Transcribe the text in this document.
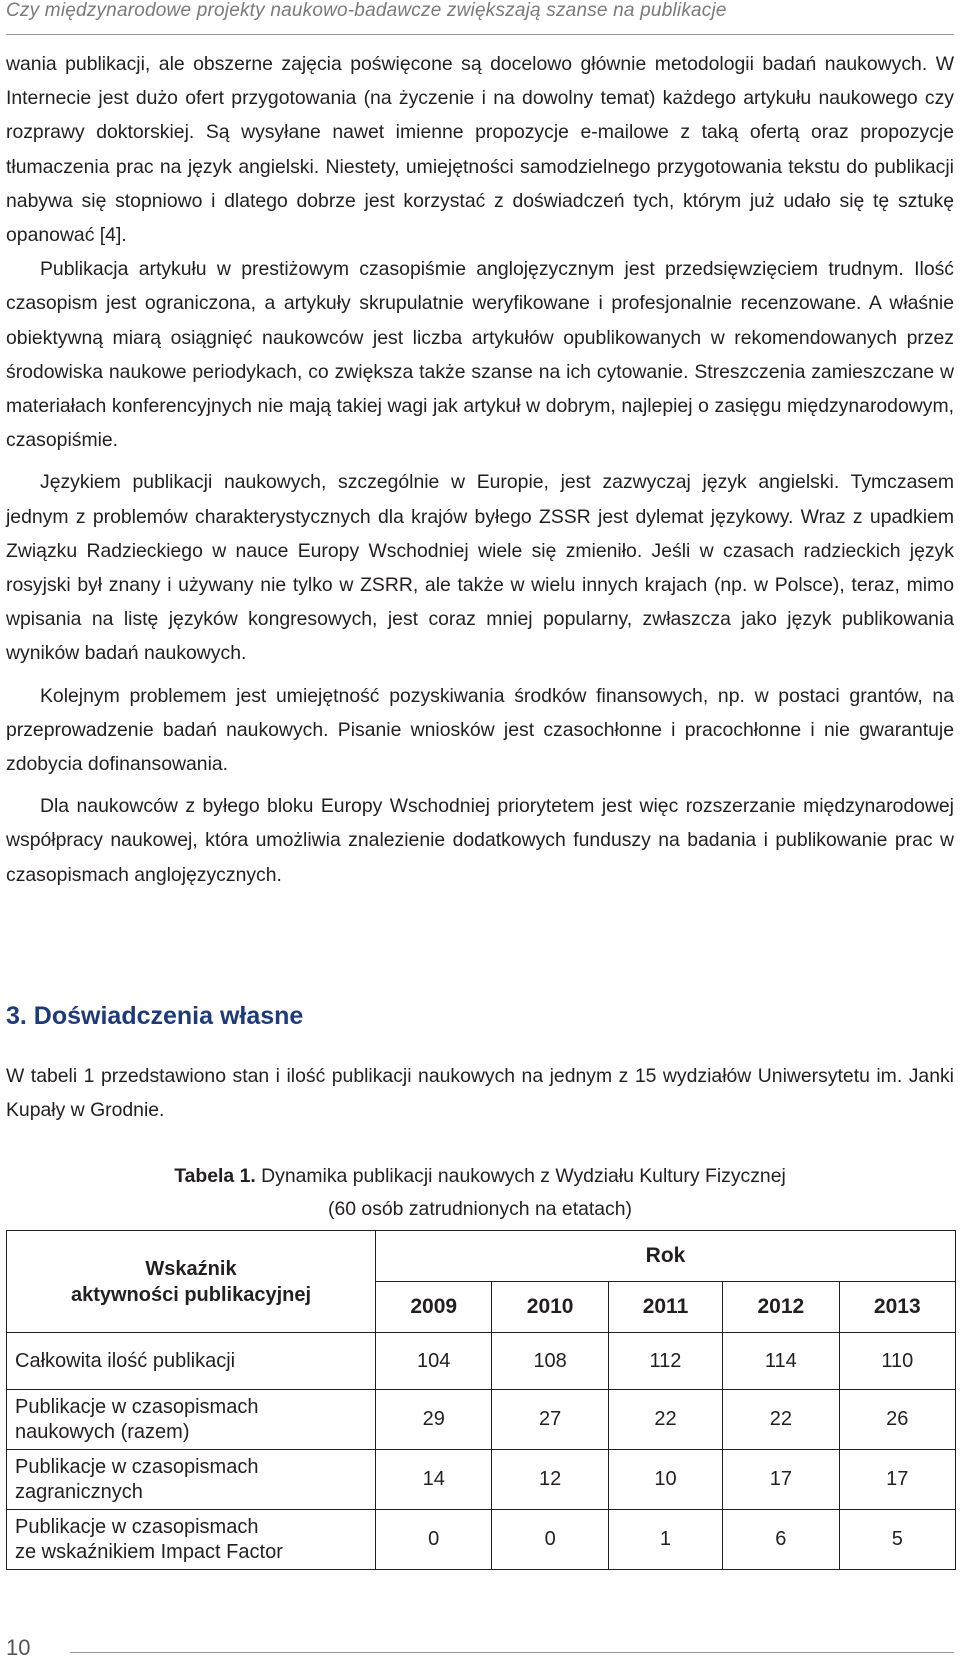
Czy międzynarodowe projekty naukowo-badawcze zwiększają szanse na publikacje

wania publikacji, ale obszerne zajęcia poświęcone są docelowo głównie metodologii badań naukowych. W Internecie jest dużo ofert przygotowania (na życzenie i na dowolny temat) każdego artykułu naukowego czy rozprawy doktorskiej. Są wysyłane nawet imienne propozycje e-mailowe z taką ofertą oraz propozycje tłumaczenia prac na język angielski. Niestety, umiejętności samodzielnego przygotowania tekstu do publikacji nabywa się stopniowo i dlatego dobrze jest korzystać z doświadczeń tych, którym już udało się tę sztukę opanować [4].

Publikacja artykułu w prestiżowym czasopiśmie anglojęzycznym jest przedsięwzięciem trudnym. Ilość czasopism jest ograniczona, a artykuły skrupulatnie weryfikowane i profesjonalnie recenzowane. A właśnie obiektywną miarą osiągnięć naukowców jest liczba artykułów opublikowanych w rekomendowanych przez środowiska naukowe periodykach, co zwiększa także szanse na ich cytowanie. Streszczenia zamieszczane w materiałach konferencyjnych nie mają takiej wagi jak artykuł w dobrym, najlepiej o zasięgu międzynarodowym, czasopiśmie.

Językiem publikacji naukowych, szczególnie w Europie, jest zazwyczaj język angielski. Tymczasem jednym z problemów charakterystycznych dla krajów byłego ZSSR jest dylemat językowy. Wraz z upadkiem Związku Radzieckiego w nauce Europy Wschodniej wiele się zmieniło. Jeśli w czasach radzieckich język rosyjski był znany i używany nie tylko w ZSRR, ale także w wielu innych krajach (np. w Polsce), teraz, mimo wpisania na listę języków kongresowych, jest coraz mniej popularny, zwłaszcza jako język publikowania wyników badań naukowych.

Kolejnym problemem jest umiejętność pozyskiwania środków finansowych, np. w postaci grantów, na przeprowadzenie badań naukowych. Pisanie wniosków jest czasochłonne i pracochłonne i nie gwarantuje zdobycia dofinansowania.

Dla naukowców z byłego bloku Europy Wschodniej priorytetem jest więc rozszerzanie międzynarodowej współpracy naukowej, która umożliwia znalezienie dodatkowych funduszy na badania i publikowanie prac w czasopismach anglojęzycznych.

3. Doświadczenia własne

W tabeli 1 przedstawiono stan i ilość publikacji naukowych na jednym z 15 wydziałów Uniwersytetu im. Janki Kupały w Grodnie.

Tabela 1. Dynamika publikacji naukowych z Wydziału Kultury Fizycznej
(60 osób zatrudnionych na etatach)
Wskaźnik
aktywności publikacyjnej	Rok				
	2009	2010	2011	2012	2013
Całkowita ilość publikacji	104	108	112	114	110

Publikacje w czasopismach
naukowych (razem)	29	27	22	22	26

Publikacje w czasopismach
zagranicznych	14	12	10	17	17

Publikacje w czasopismach
ze wskaźnikiem Impact Factor	0	0	1	6	5
10
